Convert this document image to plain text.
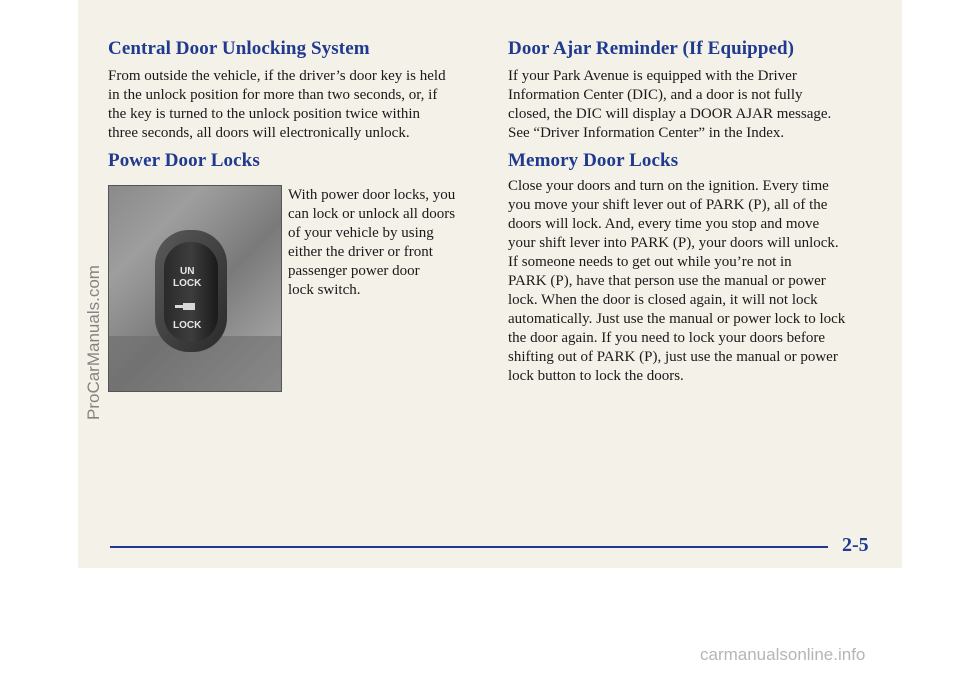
Central Door Unlocking System

From outside the vehicle, if the driver’s door key is held
in the unlock position for more than two seconds, or, if
the key is turned to the unlock position twice within
three seconds, all doors will electronically unlock.

Power Door Locks
UN
LOCK
LOCK

With power door locks, you
can lock or unlock all doors
of your vehicle by using
either the driver or front
passenger power door
lock switch.

Door Ajar Reminder (If Equipped)

If your Park Avenue is equipped with the Driver
Information Center (DIC), and a door is not fully
closed, the DIC will display a DOOR AJAR message.
See “Driver Information Center” in the Index.

Memory Door Locks

Close your doors and turn on the ignition. Every time
you move your shift lever out of PARK (P), all of the
doors will lock. And, every time you stop and move
your shift lever into PARK (P), your doors will unlock.
If someone needs to get out while you’re not in
PARK (P), have that person use the manual or power
lock. When the door is closed again, it will not lock
automatically. Just use the manual or power lock to lock
the door again. If you need to lock your doors before
shifting out of PARK (P), just use the manual or power
lock button to lock the doors.

ProCarManuals.com

2-5

carmanualsonline.info
